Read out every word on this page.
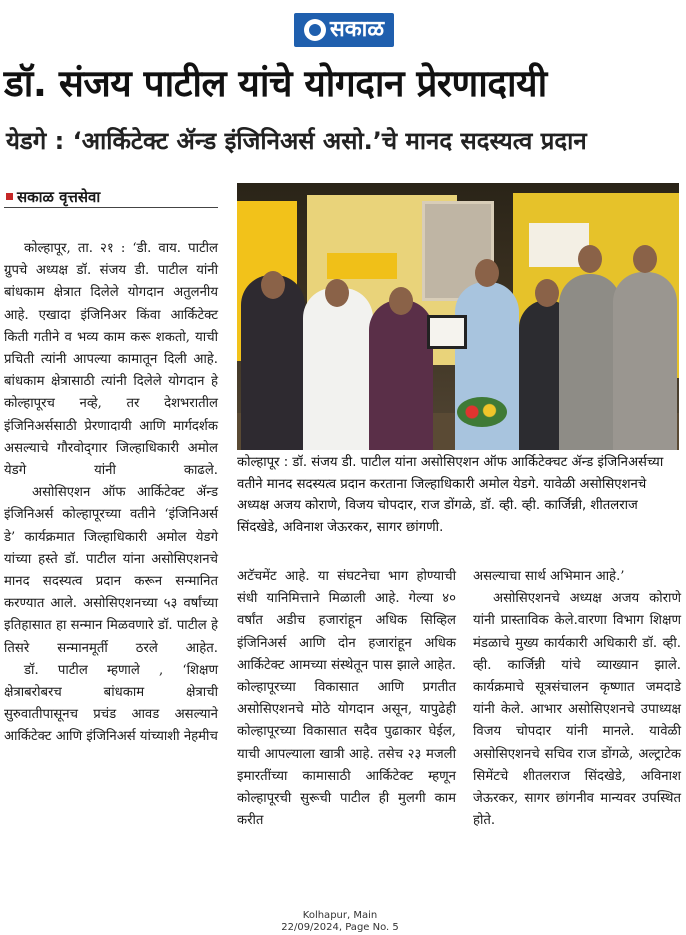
सकाळ
डॉ. संजय पाटील यांचे योगदान प्रेरणादायी
येडगे : ‘आर्किटेक्ट ॲन्ड इंजिनिअर्स असो.’चे मानद सदस्यत्व प्रदान
सकाळ वृत्तसेवा

कोल्हापूर : डॉ. संजय डी. पाटील यांना असोसिएशन ऑफ आर्किटेक्चट ॲन्ड इंजिनिअर्सच्या वतीने मानद सदस्यत्व प्रदान करताना जिल्हाधिकारी अमोल येडगे. यावेळी असोसिएशनचे अध्यक्ष अजय कोराणे, विजय चोपदार, राज डोंगळे, डॉ. व्ही. व्ही. कार्जिन्नी, शीतलराज सिंदखेडे, अविनाश जेऊरकर, सागर छांगणी.

कोल्हापूर, ता. २१ : ‘डी. वाय. पाटील ग्रुपचे अध्यक्ष डॉ. संजय डी. पाटील यांनी बांधकाम क्षेत्रात दिलेले योगदान अतुलनीय आहे. एखादा इंजिनिअर किंवा आर्किटेक्ट किती गतीने व भव्य काम करू शकतो, याची प्रचिती त्यांनी आपल्या कामातून दिली आहे. बांधकाम क्षेत्रासाठी त्यांनी दिलेले योगदान हे कोल्हापूरच नव्हे, तर देशभरातील इंजिनिअर्ससाठी प्रेरणादायी आणि मार्गदर्शक असल्याचे गौरवोद्‍गार जिल्हाधिकारी अमोल येडगे यांनी काढले.

असोसिएशन ऑफ आर्किटेक्ट ॲन्ड इंजिनिअर्स कोल्हापूरच्या वतीने ‘इंजिनिअर्स डे’ कार्यक्रमात जिल्हाधिकारी अमोल येडगे यांच्या हस्ते डॉ. पाटील यांना असोसिएशनचे मानद सदस्यत्व प्रदान करून सन्मानित करण्यात आले. असोसिएशनच्या ५३ वर्षांच्या इतिहासात हा सन्मान मिळवणारे डॉ. पाटील हे तिसरे सन्मानमूर्ती ठरले आहेत.

डॉ. पाटील म्हणाले , ‘शिक्षण क्षेत्राबरोबरच बांधकाम क्षेत्राची सुरुवातीपासूनच प्रचंड आवड असल्याने आर्किटेक्ट आणि इंजिनिअर्स यांच्याशी नेहमीच

अटॅचमेंट आहे. या संघटनेचा भाग होण्याची संधी यानिमित्ताने मिळाली आहे. गेल्या ४० वर्षांत अडीच हजारांहून अधिक सिव्हिल इंजिनिअर्स आणि दोन हजारांहून अधिक आर्किटेक्ट आमच्या संस्थेतून पास झाले आहेत. कोल्हापूरच्या विकासात आणि प्रगतीत असोसिएशनचे मोठे योगदान असून, यापुढेही कोल्हापूरच्या विकासात सदैव पुढाकार घेईल, याची आपल्याला खात्री आहे. तसेच २३ मजली इमारतींच्या कामासाठी आर्किटेक्ट म्हणून कोल्हापूरची सुरूची पाटील ही मुलगी काम करीत

असल्याचा सार्थ अभिमान आहे.’

असोसिएशनचे अध्यक्ष अजय कोराणे यांनी प्रास्ताविक केले.वारणा विभाग शिक्षण मंडळाचे मुख्य कार्यकारी अधिकारी डॉ. व्ही. व्ही. कार्जिन्नी यांचे व्याख्यान झाले. कार्यक्रमाचे सूत्रसंचालन कृष्णात जमदाडे यांनी केले. आभार असोसिएशनचे उपाध्यक्ष विजय चोपदार यांनी मानले. यावेळी असोसिएशनचे सचिव राज डोंगळे, अल्ट्राटेक सिमेंटचे शीतलराज सिंदखेडे, अविनाश जेऊरकर, सागर छांगनीव मान्यवर उपस्थित होते.

Kolhapur, Main
22/09/2024, Page No. 5
